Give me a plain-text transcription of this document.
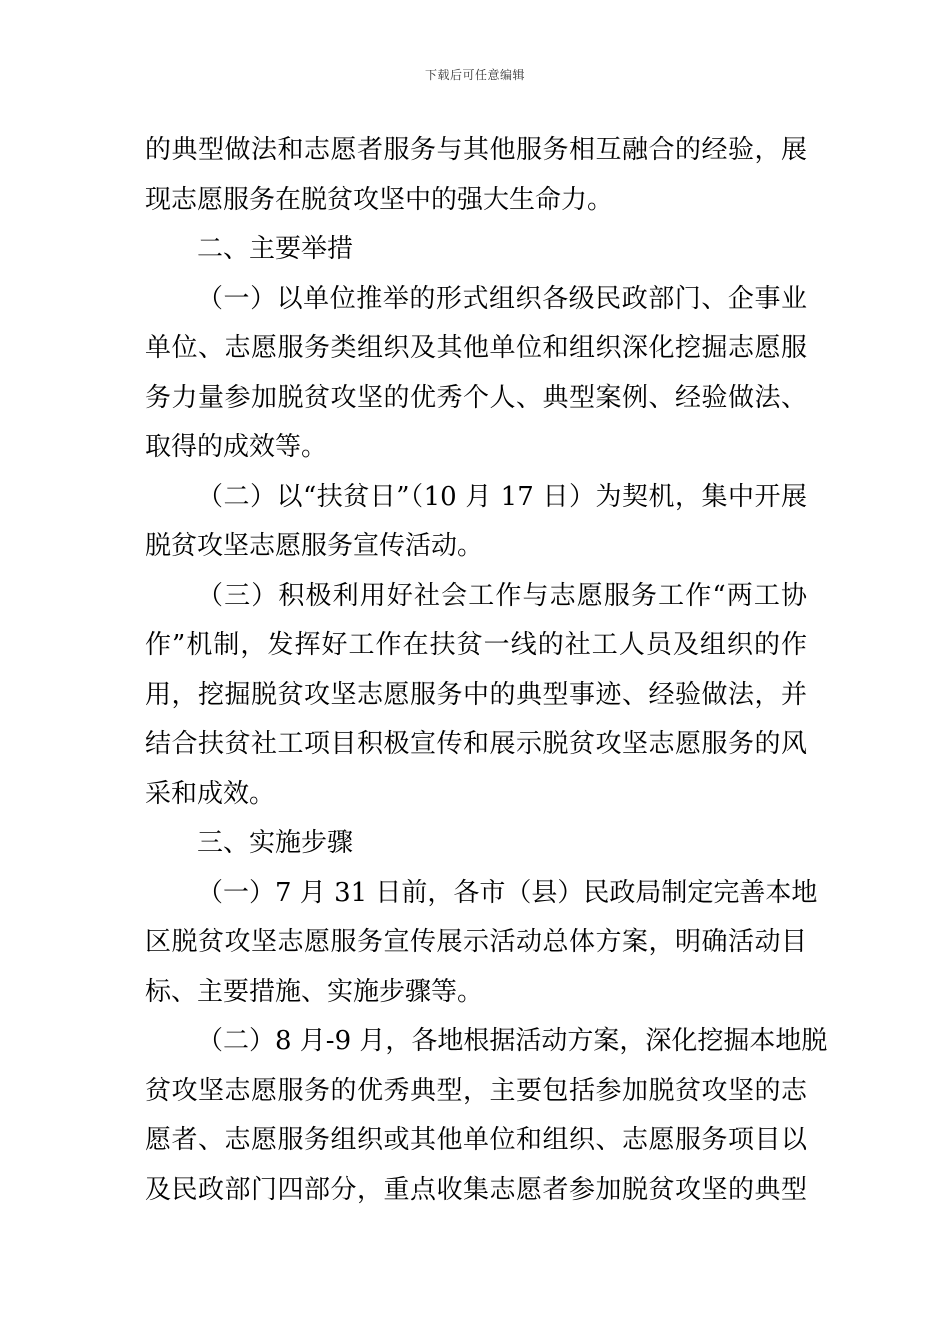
下载后可任意编辑
的典型做法和志愿者服务与其他服务相互融合的经验，展
现志愿服务在脱贫攻坚中的强大生命力。
二、主要举措
（一）以单位推举的形式组织各级民政部门、企事业
单位、志愿服务类组织及其他单位和组织深化挖掘志愿服
务力量参加脱贫攻坚的优秀个人、典型案例、经验做法、
取得的成效等。
（二）以“扶贫日”（10 月 17 日）为契机，集中开展
脱贫攻坚志愿服务宣传活动。
（三）积极利用好社会工作与志愿服务工作“两工协
作”机制，发挥好工作在扶贫一线的社工人员及组织的作
用，挖掘脱贫攻坚志愿服务中的典型事迹、经验做法，并
结合扶贫社工项目积极宣传和展示脱贫攻坚志愿服务的风
采和成效。
三、实施步骤
（一）7 月 31 日前，各市（县）民政局制定完善本地
区脱贫攻坚志愿服务宣传展示活动总体方案，明确活动目
标、主要措施、实施步骤等。
（二）8 月-9 月，各地根据活动方案，深化挖掘本地脱
贫攻坚志愿服务的优秀典型，主要包括参加脱贫攻坚的志
愿者、志愿服务组织或其他单位和组织、志愿服务项目以
及民政部门四部分，重点收集志愿者参加脱贫攻坚的典型
